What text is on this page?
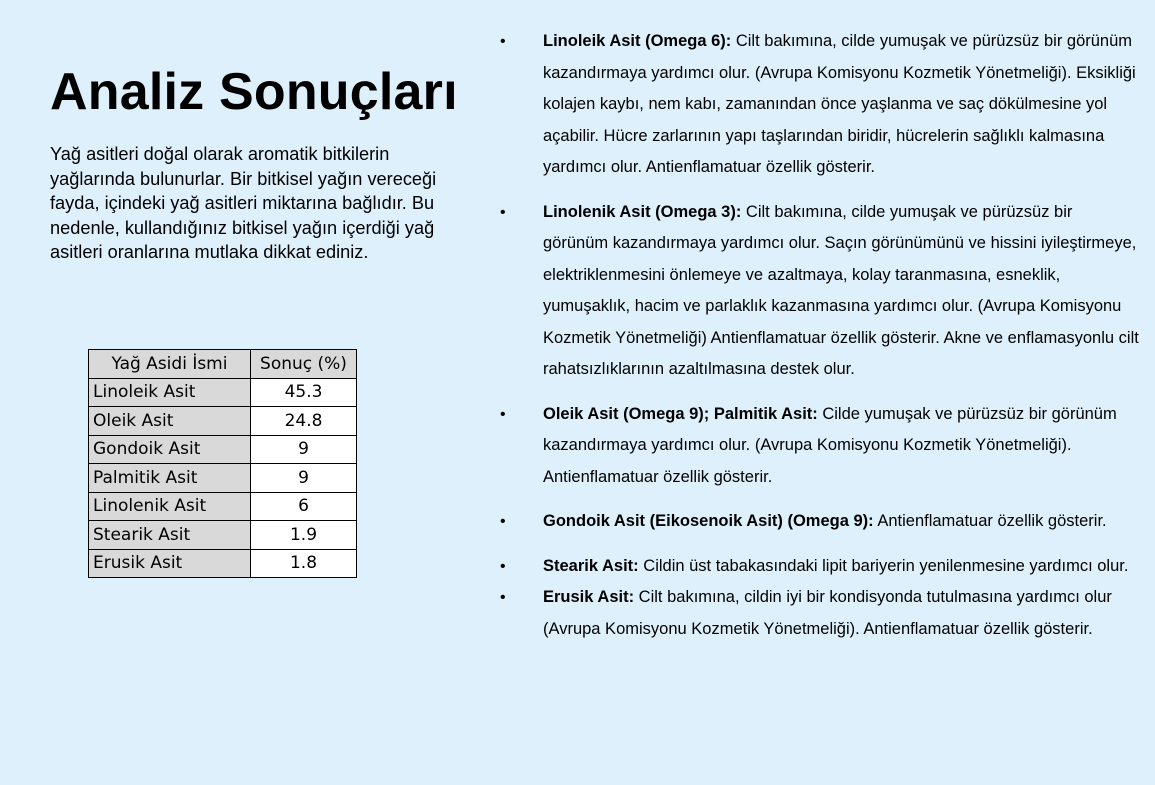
Analiz Sonuçları

Yağ asitleri doğal olarak aromatik bitkilerin yağlarında bulunurlar. Bir bitkisel yağın vereceği fayda, içindeki yağ asitleri miktarına bağlıdır. Bu nedenle, kullandığınız bitkisel yağın içerdiği yağ asitleri oranlarına mutlaka dikkat ediniz.

Yağ Asidi İsmi	Sonuç (%)
Linoleik Asit	45.3
Oleik Asit	24.8
Gondoik Asit	9
Palmitik Asit	9
Linolenik Asit	6
Stearik Asit	1.9
Erusik Asit	1.8
• Linoleik Asit (Omega 6): Cilt bakımına, cilde yumuşak ve pürüzsüz bir görünüm kazandırmaya yardımcı olur. (Avrupa Komisyonu Kozmetik Yönetmeliği). Eksikliği kolajen kaybı, nem kabı, zamanından önce yaşlanma ve saç dökülmesine yol açabilir. Hücre zarlarının yapı taşlarından biridir, hücrelerin sağlıklı kalmasına yardımcı olur. Antienflamatuar özellik gösterir.
• Linolenik Asit (Omega 3): Cilt bakımına, cilde yumuşak ve pürüzsüz bir görünüm kazandırmaya yardımcı olur. Saçın görünümünü ve hissini iyileştirmeye, elektriklenmesini önlemeye ve azaltmaya, kolay taranmasına, esneklik, yumuşaklık, hacim ve parlaklık kazanmasına yardımcı olur. (Avrupa Komisyonu Kozmetik Yönetmeliği) Antienflamatuar özellik gösterir. Akne ve enflamasyonlu cilt rahatsızlıklarının azaltılmasına destek olur.
• Oleik Asit (Omega 9); Palmitik Asit: Cilde yumuşak ve pürüzsüz bir görünüm kazandırmaya yardımcı olur. (Avrupa Komisyonu Kozmetik Yönetmeliği). Antienflamatuar özellik gösterir.
• Gondoik Asit (Eikosenoik Asit) (Omega 9): Antienflamatuar özellik gösterir.
• Stearik Asit: Cildin üst tabakasındaki lipit bariyerin yenilenmesine yardımcı olur.
• Erusik Asit: Cilt bakımına, cildin iyi bir kondisyonda tutulmasına yardımcı olur (Avrupa Komisyonu Kozmetik Yönetmeliği). Antienflamatuar özellik gösterir.
